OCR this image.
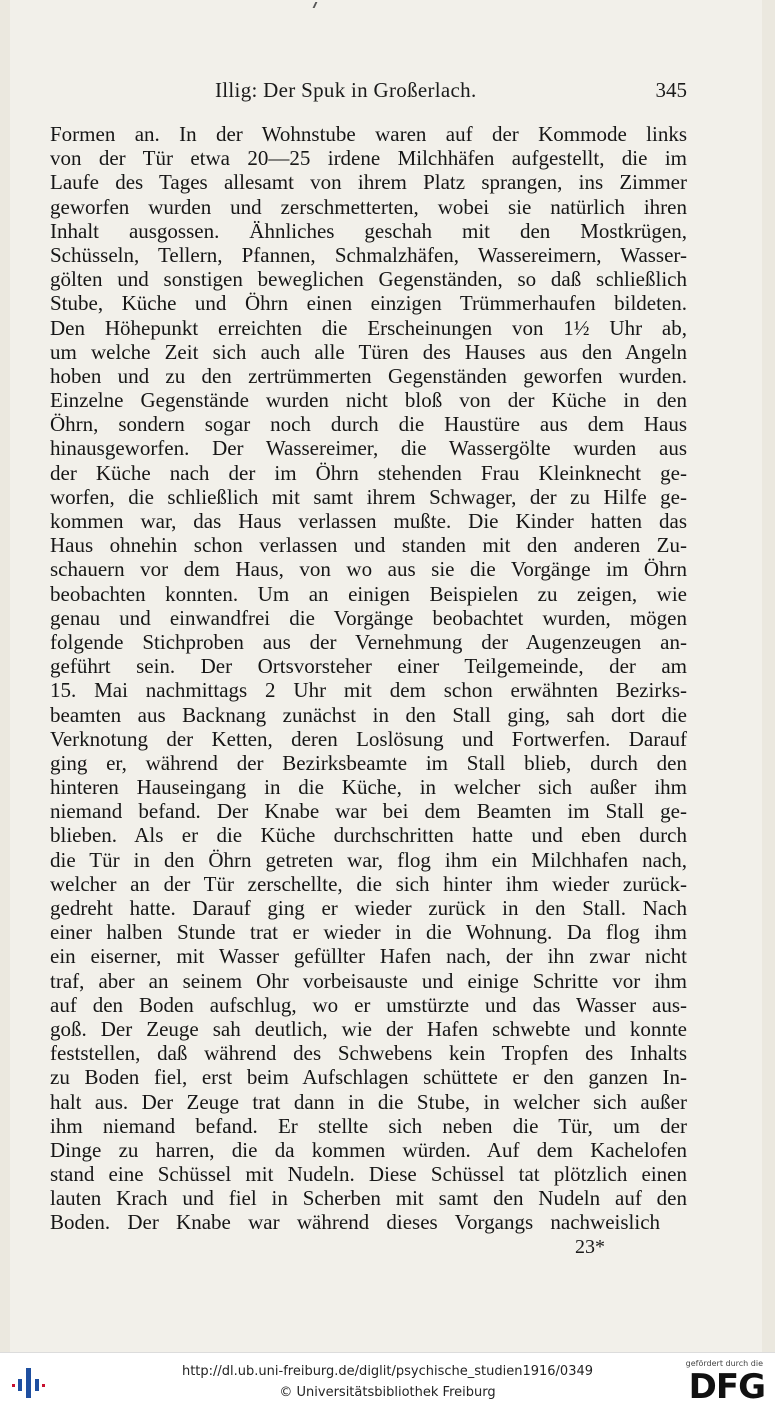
Illig: Der Spuk in Großerlach.	345
Formen an. In der Wohnstube waren auf der Kommode links
von der Tür etwa 20—25 irdene Milchhäfen aufgestellt, die im
Laufe des Tages allesamt von ihrem Platz sprangen, ins Zimmer
geworfen wurden und zerschmetterten, wobei sie natürlich ihren
Inhalt ausgossen. Ähnliches geschah mit den Mostkrügen,
Schüsseln, Tellern, Pfannen, Schmalzhäfen, Wassereimern, Wasser-
gölten und sonstigen beweglichen Gegenständen, so daß schließlich
Stube, Küche und Öhrn einen einzigen Trümmerhaufen bildeten.
Den Höhepunkt erreichten die Erscheinungen von 1½ Uhr ab,
um welche Zeit sich auch alle Türen des Hauses aus den Angeln
hoben und zu den zertrümmerten Gegenständen geworfen wurden.
Einzelne Gegenstände wurden nicht bloß von der Küche in den
Öhrn, sondern sogar noch durch die Haustüre aus dem Haus
hinausgeworfen. Der Wassereimer, die Wassergölte wurden aus
der Küche nach der im Öhrn stehenden Frau Kleinknecht ge-
worfen, die schließlich mit samt ihrem Schwager, der zu Hilfe ge-
kommen war, das Haus verlassen mußte. Die Kinder hatten das
Haus ohnehin schon verlassen und standen mit den anderen Zu-
schauern vor dem Haus, von wo aus sie die Vorgänge im Öhrn
beobachten konnten. Um an einigen Beispielen zu zeigen, wie
genau und einwandfrei die Vorgänge beobachtet wurden, mögen
folgende Stichproben aus der Vernehmung der Augenzeugen an-
geführt sein. Der Ortsvorsteher einer Teilgemeinde, der am
15. Mai nachmittags 2 Uhr mit dem schon erwähnten Bezirks-
beamten aus Backnang zunächst in den Stall ging, sah dort die
Verknotung der Ketten, deren Loslösung und Fortwerfen. Darauf
ging er, während der Bezirksbeamte im Stall blieb, durch den
hinteren Hauseingang in die Küche, in welcher sich außer ihm
niemand befand. Der Knabe war bei dem Beamten im Stall ge-
blieben. Als er die Küche durchschritten hatte und eben durch
die Tür in den Öhrn getreten war, flog ihm ein Milchhafen nach,
welcher an der Tür zerschellte, die sich hinter ihm wieder zurück-
gedreht hatte. Darauf ging er wieder zurück in den Stall. Nach
einer halben Stunde trat er wieder in die Wohnung. Da flog ihm
ein eiserner, mit Wasser gefüllter Hafen nach, der ihn zwar nicht
traf, aber an seinem Ohr vorbeisauste und einige Schritte vor ihm
auf den Boden aufschlug, wo er umstürzte und das Wasser aus-
goß. Der Zeuge sah deutlich, wie der Hafen schwebte und konnte
feststellen, daß während des Schwebens kein Tropfen des Inhalts
zu Boden fiel, erst beim Aufschlagen schüttete er den ganzen In-
halt aus. Der Zeuge trat dann in die Stube, in welcher sich außer
ihm niemand befand. Er stellte sich neben die Tür, um der
Dinge zu harren, die da kommen würden. Auf dem Kachelofen
stand eine Schüssel mit Nudeln. Diese Schüssel tat plötzlich einen
lauten Krach und fiel in Scherben mit samt den Nudeln auf den
Boden. Der Knabe war während dieses Vorgangs nachweislich
23*
http://dl.ub.uni-freiburg.de/diglit/psychische_studien1916/0349
© Universitätsbibliothek Freiburg
gefördert durch die
DFG
